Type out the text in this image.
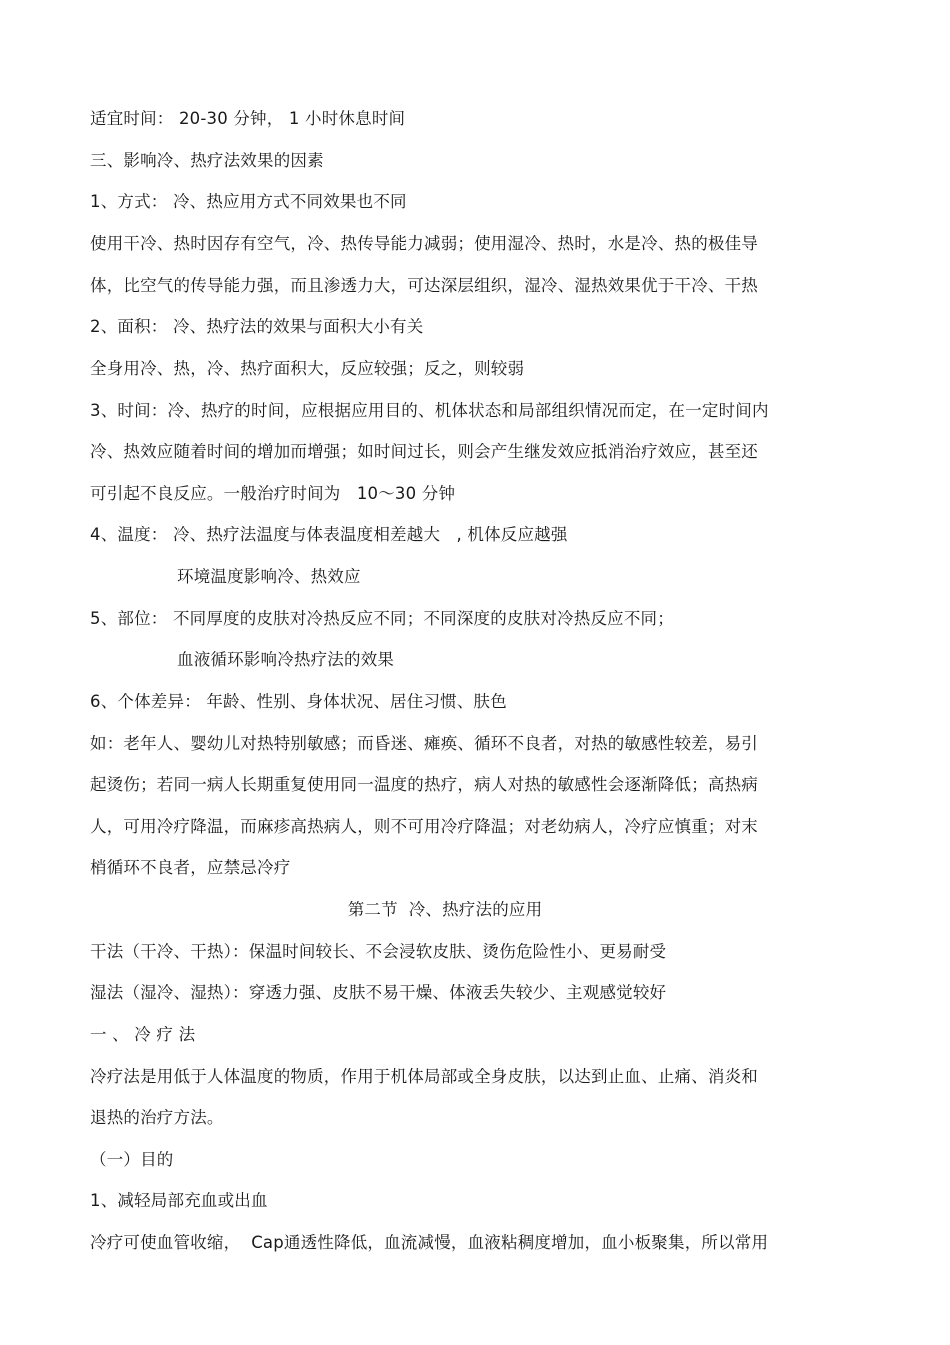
适宜时间： 20-30 分钟， 1 小时休息时间
三、影响冷、热疗法效果的因素
1、方式： 冷、热应用方式不同效果也不同
使用干冷、热时因存有空气，冷、热传导能力减弱；使用湿冷、热时，水是冷、热的极佳导
体，比空气的传导能力强，而且渗透力大，可达深层组织，湿冷、湿热效果优于干冷、干热
2、面积： 冷、热疗法的效果与面积大小有关
全身用冷、热，冷、热疗面积大，反应较强；反之，则较弱
3、时间：冷、热疗的时间，应根据应用目的、机体状态和局部组织情况而定，在一定时间内
冷、热效应随着时间的增加而增强；如时间过长，则会产生继发效应抵消治疗效应，甚至还
可引起不良反应。一般治疗时间为   10～30 分钟
4、温度： 冷、热疗法温度与体表温度相差越大   , 机体反应越强
环境温度影响冷、热效应
5、部位： 不同厚度的皮肤对冷热反应不同；不同深度的皮肤对冷热反应不同；
血液循环影响冷热疗法的效果
6、个体差异： 年龄、性别、身体状况、居住习惯、肤色
如：老年人、婴幼儿对热特别敏感；而昏迷、瘫痪、循环不良者，对热的敏感性较差，易引
起烫伤；若同一病人长期重复使用同一温度的热疗，病人对热的敏感性会逐渐降低；高热病
人，可用冷疗降温，而麻疹高热病人，则不可用冷疗降温；对老幼病人，冷疗应慎重；对末
梢循环不良者，应禁忌冷疗
第二节  冷、热疗法的应用
干法（干冷、干热）：保温时间较长、不会浸软皮肤、烫伤危险性小、更易耐受
湿法（湿冷、湿热）：穿透力强、皮肤不易干燥、体液丢失较少、主观感觉较好
一 、 冷 疗 法
冷疗法是用低于人体温度的物质，作用于机体局部或全身皮肤，以达到止血、止痛、消炎和
退热的治疗方法。
（一）目的
1、减轻局部充血或出血
冷疗可使血管收缩，  Cap通透性降低，血流减慢，血液粘稠度增加，血小板聚集，所以常用
